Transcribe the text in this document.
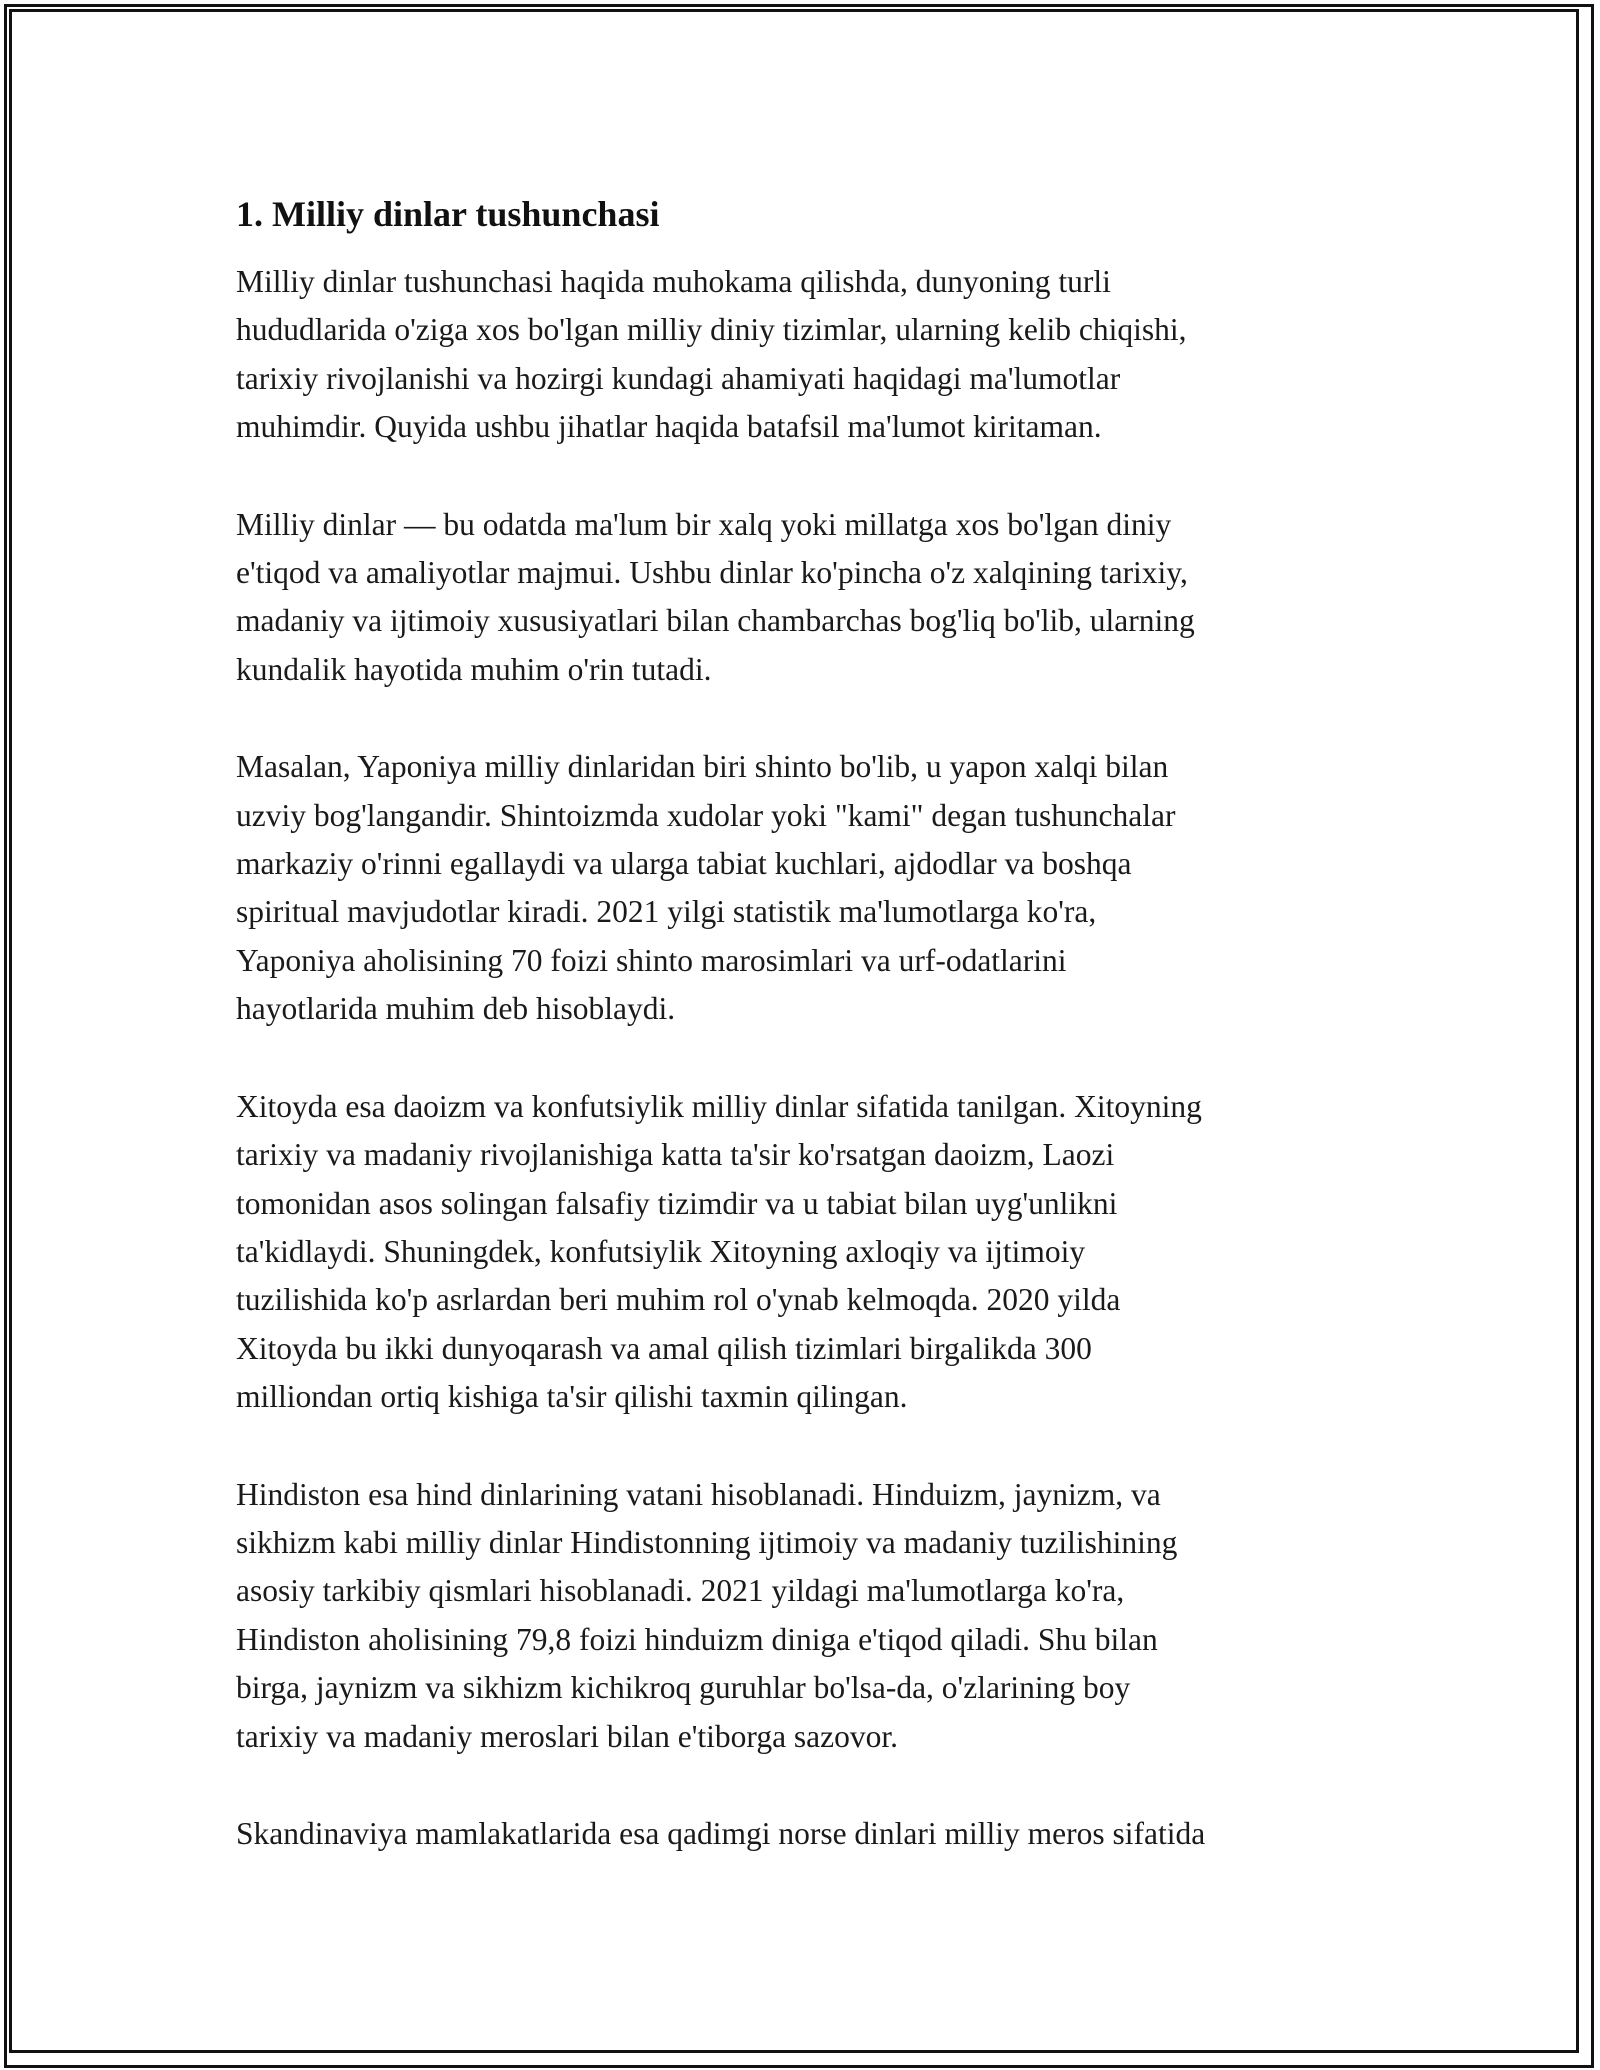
1. Milliy dinlar tushunchasi

Milliy dinlar tushunchasi haqida muhokama qilishda, dunyoning turli
hududlarida o'ziga xos bo'lgan milliy diniy tizimlar, ularning kelib chiqishi,
tarixiy rivojlanishi va hozirgi kundagi ahamiyati haqidagi ma'lumotlar
muhimdir. Quyida ushbu jihatlar haqida batafsil ma'lumot kiritaman.

Milliy dinlar — bu odatda ma'lum bir xalq yoki millatga xos bo'lgan diniy
e'tiqod va amaliyotlar majmui. Ushbu dinlar ko'pincha o'z xalqining tarixiy,
madaniy va ijtimoiy xususiyatlari bilan chambarchas bog'liq bo'lib, ularning
kundalik hayotida muhim o'rin tutadi.

Masalan, Yaponiya milliy dinlaridan biri shinto bo'lib, u yapon xalqi bilan
uzviy bog'langandir. Shintoizmda xudolar yoki "kami" degan tushunchalar
markaziy o'rinni egallaydi va ularga tabiat kuchlari, ajdodlar va boshqa
spiritual mavjudotlar kiradi. 2021 yilgi statistik ma'lumotlarga ko'ra,
Yaponiya aholisining 70 foizi shinto marosimlari va urf-odatlarini
hayotlarida muhim deb hisoblaydi.

Xitoyda esa daoizm va konfutsiylik milliy dinlar sifatida tanilgan. Xitoyning
tarixiy va madaniy rivojlanishiga katta ta'sir ko'rsatgan daoizm, Laozi
tomonidan asos solingan falsafiy tizimdir va u tabiat bilan uyg'unlikni
ta'kidlaydi. Shuningdek, konfutsiylik Xitoyning axloqiy va ijtimoiy
tuzilishida ko'p asrlardan beri muhim rol o'ynab kelmoqda. 2020 yilda
Xitoyda bu ikki dunyoqarash va amal qilish tizimlari birgalikda 300
milliondan ortiq kishiga ta'sir qilishi taxmin qilingan.

Hindiston esa hind dinlarining vatani hisoblanadi. Hinduizm, jaynizm, va
sikhizm kabi milliy dinlar Hindistonning ijtimoiy va madaniy tuzilishining
asosiy tarkibiy qismlari hisoblanadi. 2021 yildagi ma'lumotlarga ko'ra,
Hindiston aholisining 79,8 foizi hinduizm diniga e'tiqod qiladi. Shu bilan
birga, jaynizm va sikhizm kichikroq guruhlar bo'lsa-da, o'zlarining boy
tarixiy va madaniy meroslari bilan e'tiborga sazovor.

Skandinaviya mamlakatlarida esa qadimgi norse dinlari milliy meros sifatida
